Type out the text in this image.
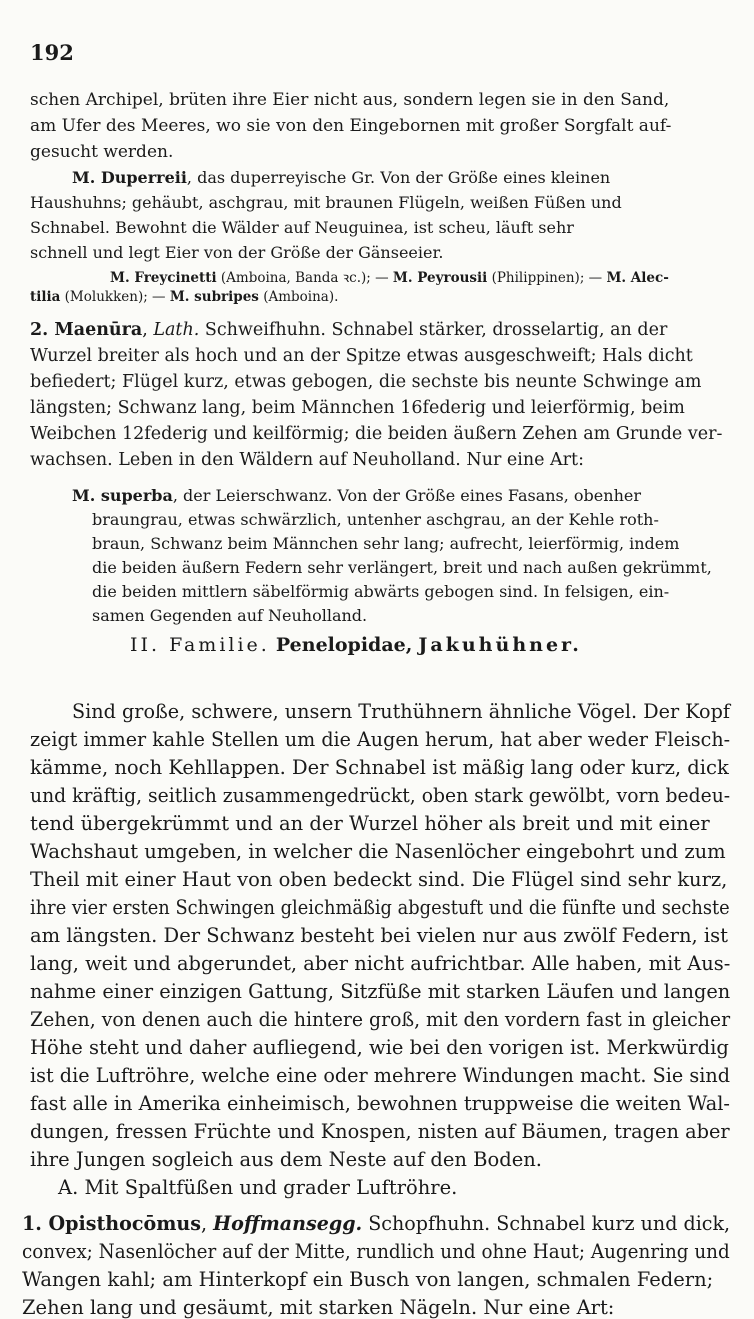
192
schen Archipel, brüten ihre Eier nicht aus, sondern legen sie in den Sand,
am Ufer des Meeres, wo sie von den Eingebornen mit großer Sorgfalt auf-
gesucht werden.
M. Duperreii, das duperreyische Gr. Von der Größe eines kleinen
Haushuhns; gehäubt, aschgrau, mit braunen Flügeln, weißen Füßen und
Schnabel. Bewohnt die Wälder auf Neuguinea, ist scheu, läuft sehr
schnell und legt Eier von der Größe der Gänseeier.
M. Freycinetti (Amboina, Banda ꝛc.); — M. Peyrousii (Philippinen); — M. Alec-
tilia (Molukken); — M. subripes (Amboina).
2. Maenūra, Lath. Schweifhuhn. Schnabel stärker, drosselartig, an der
Wurzel breiter als hoch und an der Spitze etwas ausgeschweift; Hals dicht
befiedert; Flügel kurz, etwas gebogen, die sechste bis neunte Schwinge am
längsten; Schwanz lang, beim Männchen 16federig und leierförmig, beim
Weibchen 12federig und keilförmig; die beiden äußern Zehen am Grunde ver-
wachsen. Leben in den Wäldern auf Neuholland. Nur eine Art:
M. superba, der Leierschwanz. Von der Größe eines Fasans, obenher
braungrau, etwas schwärzlich, untenher aschgrau, an der Kehle roth-
braun, Schwanz beim Männchen sehr lang; aufrecht, leierförmig, indem
die beiden äußern Federn sehr verlängert, breit und nach außen gekrümmt,
die beiden mittlern säbelförmig abwärts gebogen sind. In felsigen, ein-
samen Gegenden auf Neuholland.
Sind große, schwere, unsern Truthühnern ähnliche Vögel. Der Kopf
zeigt immer kahle Stellen um die Augen herum, hat aber weder Fleisch-
kämme, noch Kehllappen. Der Schnabel ist mäßig lang oder kurz, dick
und kräftig, seitlich zusammengedrückt, oben stark gewölbt, vorn bedeu-
tend übergekrümmt und an der Wurzel höher als breit und mit einer
Wachshaut umgeben, in welcher die Nasenlöcher eingebohrt und zum
Theil mit einer Haut von oben bedeckt sind. Die Flügel sind sehr kurz,
ihre vier ersten Schwingen gleichmäßig abgestuft und die fünfte und sechste
am längsten. Der Schwanz besteht bei vielen nur aus zwölf Federn, ist
lang, weit und abgerundet, aber nicht aufrichtbar. Alle haben, mit Aus-
nahme einer einzigen Gattung, Sitzfüße mit starken Läufen und langen
Zehen, von denen auch die hintere groß, mit den vordern fast in gleicher
Höhe steht und daher aufliegend, wie bei den vorigen ist. Merkwürdig
ist die Luftröhre, welche eine oder mehrere Windungen macht. Sie sind
fast alle in Amerika einheimisch, bewohnen truppweise die weiten Wal-
dungen, fressen Früchte und Knospen, nisten auf Bäumen, tragen aber
ihre Jungen sogleich aus dem Neste auf den Boden.
A. Mit Spaltfüßen und grader Luftröhre.
1. Opisthocōmus, Hoffmansegg. Schopfhuhn. Schnabel kurz und dick,
convex; Nasenlöcher auf der Mitte, rundlich und ohne Haut; Augenring und
Wangen kahl; am Hinterkopf ein Busch von langen, schmalen Federn;
Zehen lang und gesäumt, mit starken Nägeln. Nur eine Art:
II. Familie. Penelopidae, Jakuhühner.
